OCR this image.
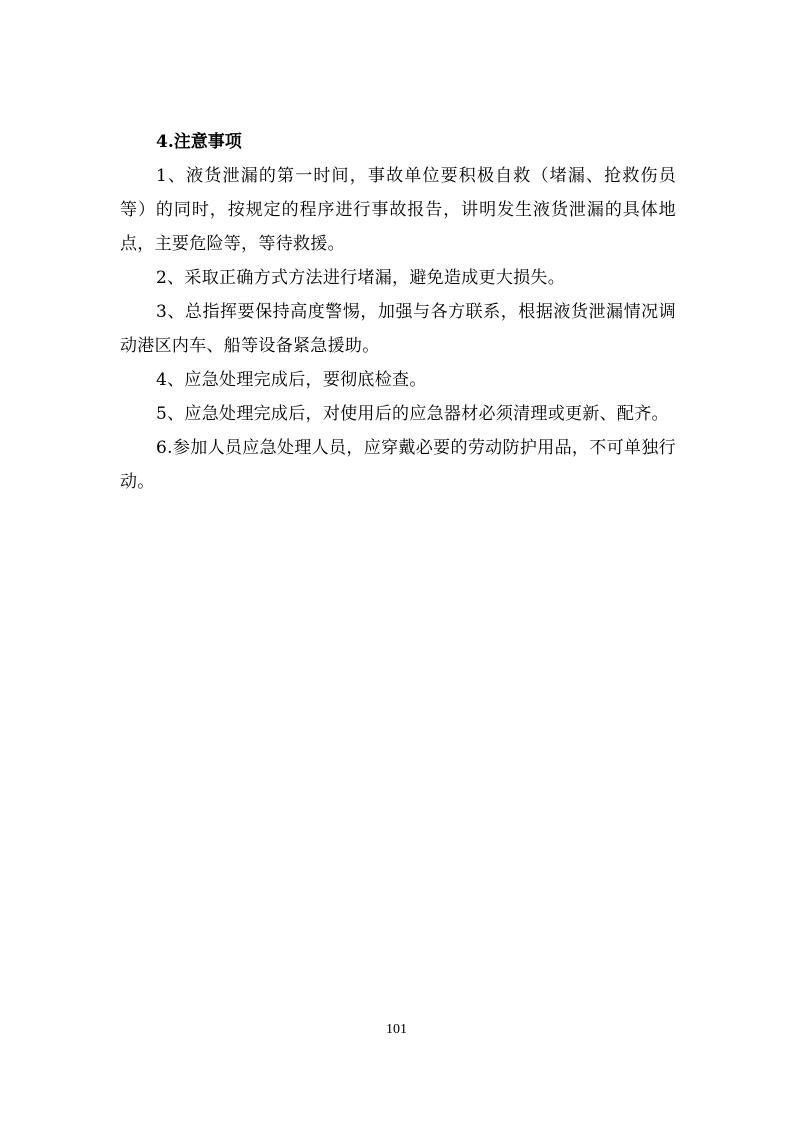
4.注意事项

1、液货泄漏的第一时间，事故单位要积极自救（堵漏、抢救伤员等）的同时，按规定的程序进行事故报告，讲明发生液货泄漏的具体地点，主要危险等，等待救援。

2、采取正确方式方法进行堵漏，避免造成更大损失。

3、总指挥要保持高度警惕，加强与各方联系，根据液货泄漏情况调动港区内车、船等设备紧急援助。

4、应急处理完成后，要彻底检查。

5、应急处理完成后，对使用后的应急器材必须清理或更新、配齐。

6.参加人员应急处理人员，应穿戴必要的劳动防护用品，不可单独行动。

101
